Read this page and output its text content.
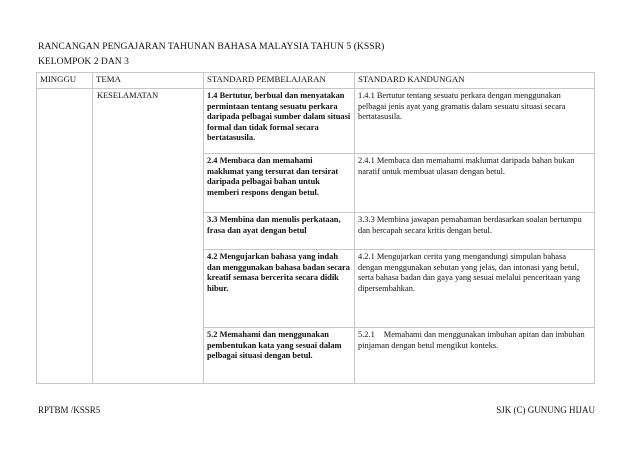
RANCANGAN PENGAJARAN TAHUNAN BAHASA MALAYSIA TAHUN 5 (KSSR)
KELOMPOK 2 DAN 3
MINGGU	TEMA	STANDARD PEMBELAJARAN	STANDARD KANDUNGAN

	KESELAMATAN	1.4 Bertutur, berbual dan menyatakan permintaan tentang sesuatu perkara daripada pelbagai sumber dalam situasi formal dan tidak formal secara bertatasusila.	1.4.1 Bertutur tentang sesuatu perkara dengan menggunakan pelbagai jenis ayat yang gramatis dalam sesuatu situasi secara bertatasusila.
		2.4 Membaca dan memahami maklumat yang tersurat dan tersirat daripada pelbagai bahan untuk memberi respons dengan betul.	2.4.1 Membaca dan memahami maklumat daripada bahan bukan naratif untuk membuat ulasan dengan betul.
		3.3 Membina dan menulis perkataan, frasa dan ayat dengan betul	3.3.3 Membina jawapan pemahaman berdasarkan soalan bertumpu dan bercapah secara kritis dengan betul.
		4.2 Mengujarkan bahasa yang indah dan menggunakan bahasa badan secara kreatif semasa bercerita secara didik hibur.	4.2.1 Mengujarkan cerita yang mengandungi simpulan bahasa dengan menggunakan sebutan yang jelas, dan intonasi yang betul, serta bahasa badan dan gaya yang sesuai melalui penceritaan yang dipersembahkan.
		5.2 Memahami dan menggunakan pembentukan kata yang sesuai dalam pelbagai situasi dengan betul.	5.2.1 Memahami dan menggunakan imbuhan apitan dan imbuhan pinjaman dengan betul mengikut konteks.
RPTBM /KSSR5	SJK (C) GUNUNG HIJAU
